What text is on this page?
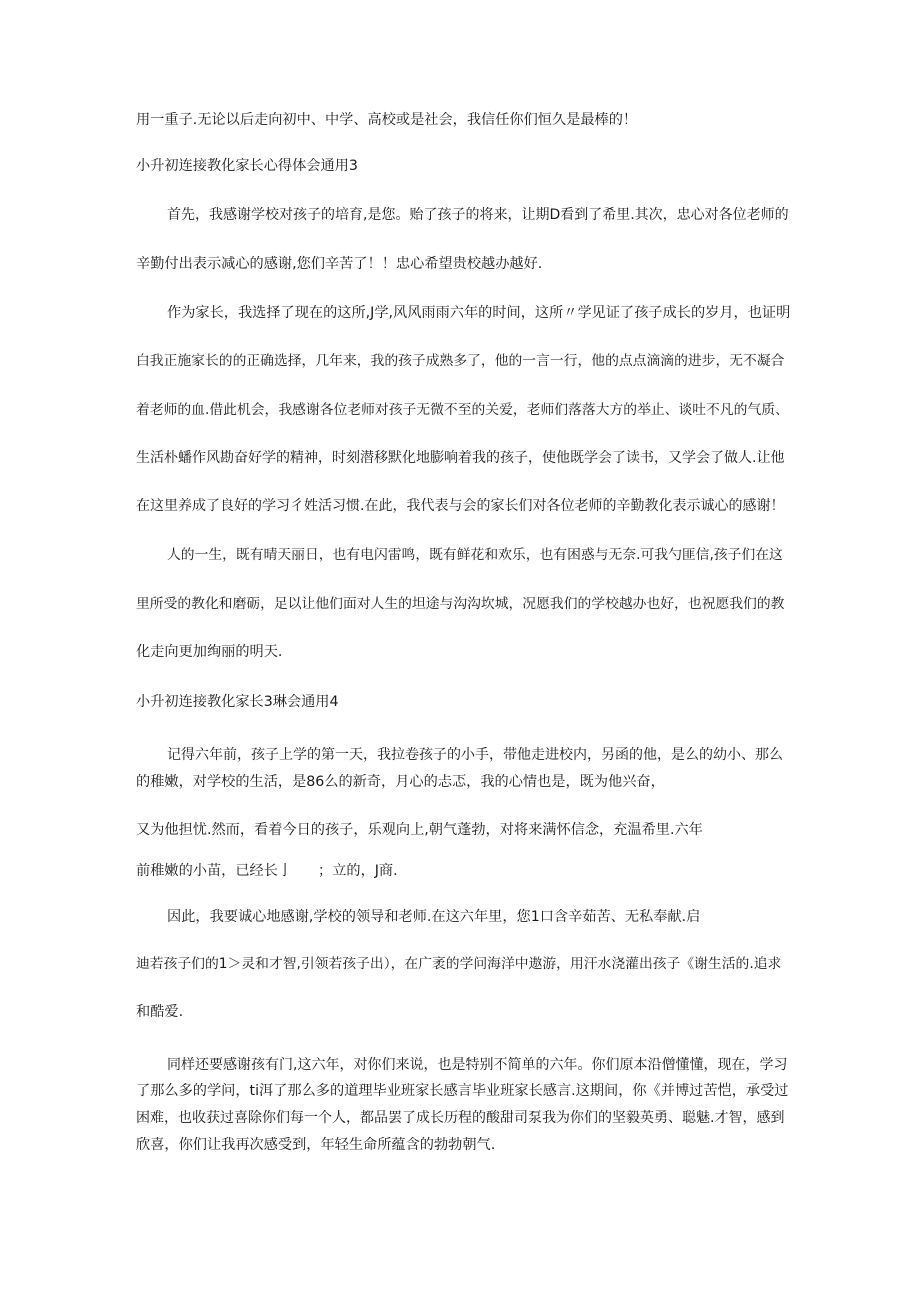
用一重子.无论以后走向初中、中学、高校或是社会，我信任你们恒久是最棒的！
小升初连接教化家长心得体会通用3
首先，我感谢学校对孩子的培育,是您。贻了孩子的将来，让期D看到了希里.其次，忠心对各位老师的
辛勤付出表示减心的感谢,您们辛苦了！！忠心希望贵校越办越好.
作为家长，我选择了现在的这所,J学,风风雨雨六年的时间，这所〃学见证了孩子成长的岁月，也证明
白我正施家长的的正确选择，几年来，我的孩子成熟多了，他的一言一行，他的点点滴滴的进步，无不凝合
着老师的血.借此机会，我感谢各位老师对孩子无微不至的关爱，老师们落落大方的举止、谈吐不凡的气质、
生活朴蟠作风勘奋好学的精神，时刻潜移默化地膨响着我的孩子，使他既学会了读书，又学会了做人.让他
在这里养成了良好的学习彳姓活习惯.在此，我代表与会的家长们对各位老师的辛勤教化表示诚心的感谢！
人的一生，既有晴天丽日，也有电闪雷鸣，既有鲜花和欢乐，也有困惑与无奈.可我勺匪信,孩子们在这
里所受的教化和磨砺，足以让他们面对人生的坦途与沟沟坎城，况愿我们的学校越办也好，也祝愿我们的教
化走向更加绚丽的明天.
小升初连接教化家长3琳会通用4
记得六年前，孩子上学的第一天，我拉卷孩子的小手，带他走进校内，另函的他，是么的幼小、那么
的稚嫩，对学校的生活，是86么的新奇，月心的忐忑，我的心情也是，既为他兴奋，
又为他担忧.然而，看着今日的孩子，乐观向上,朝气蓬勃，对将来满怀信念，充温希里.六年
前稚嫩的小苗，已经长亅 ；立的，J商.
因此，我要诚心地感谢,学校的领导和老师.在这六年里，您1口含辛茹苦、无私奉献.启
迪若孩子们的1＞灵和才智,引领若孩子出），在广袤的学问海洋中遨游，用汗水浇灌出孩子《谢生活的.追求
和酷爱.
同样还要感谢孩有门,这六年，对你们来说，也是特别不简单的六年。你们原本沿僧懂懂，现在，学习
了那么多的学问，ti洱了那么多的道理毕业班家长感言毕业班家长感言.这期间，你《并博过苦恺，承受过
困难，也收获过喜除你们每一个人，都品罢了成长历程的酸甜司泵我为你们的坚毅英勇、聪魅.才智，感到
欣喜，你们让我再次感受到，年轻生命所蕴含的勃勃朝气.
